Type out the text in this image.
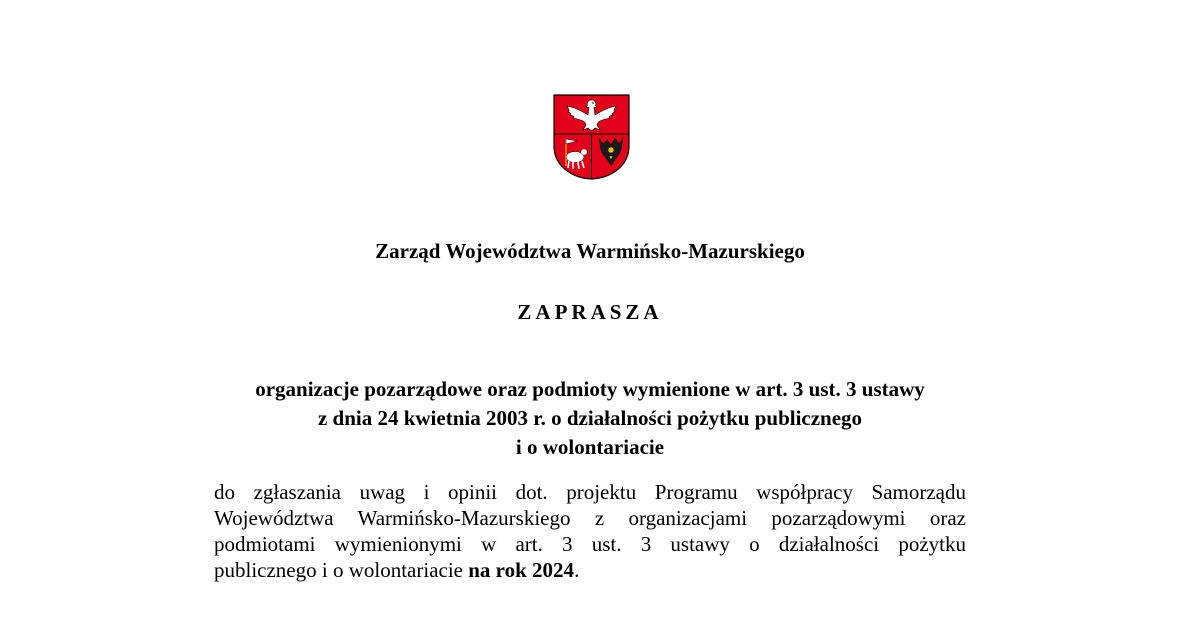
Zarząd Województwa Warmińsko-Mazurskiego
ZAPRASZA
organizacje pozarządowe oraz podmioty wymienione w art. 3 ust. 3 ustawy
z dnia 24 kwietnia 2003 r. o działalności pożytku publicznego
i o wolontariacie

do zgłaszania uwag i opinii dot. projektu Programu współpracy Samorządu
Województwa Warmińsko-Mazurskiego z organizacjami pozarządowymi oraz
podmiotami wymienionymi w art. 3 ust. 3 ustawy o działalności pożytku
publicznego i o wolontariacie na rok 2024.
